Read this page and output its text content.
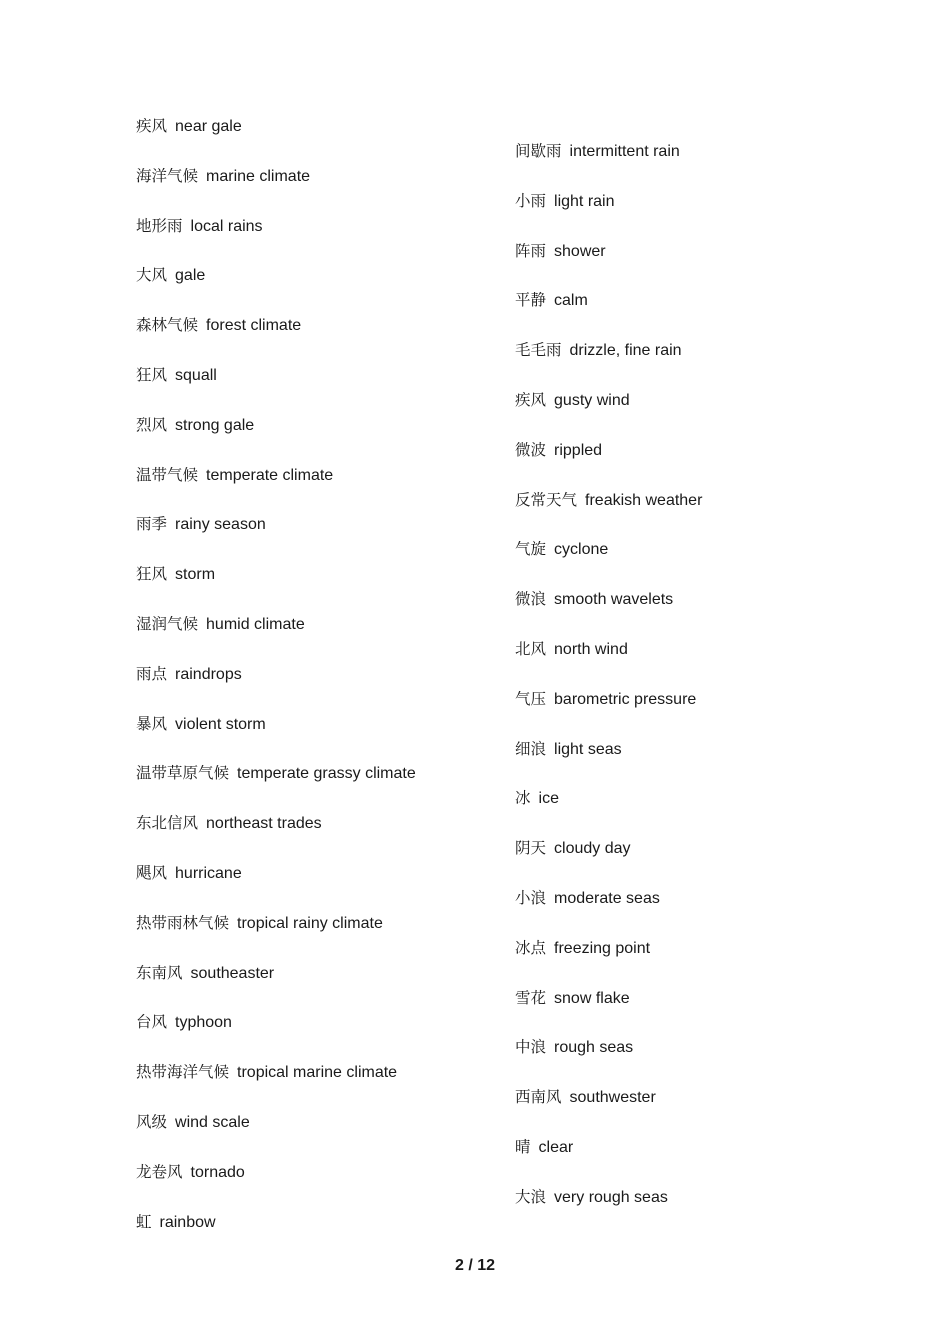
疾风 near gale
海洋气候 marine climate
地形雨 local rains
大风 gale
森林气候 forest climate
狂风 squall
烈风 strong gale
温带气候 temperate climate
雨季 rainy season
狂风 storm
湿润气候 humid climate
雨点 raindrops
暴风 violent storm
温带草原气候 temperate grassy climate
东北信风 northeast trades
飓风 hurricane
热带雨林气候 tropical rainy climate
东南风 southeaster
台风 typhoon
热带海洋气候 tropical marine climate
风级 wind scale
龙卷风 tornado
虹 rainbow
间歇雨 intermittent rain
小雨 light rain
阵雨 shower
平静 calm
毛毛雨 drizzle, fine rain
疾风 gusty wind
微波 rippled
反常天气 freakish weather
气旋 cyclone
微浪 smooth wavelets
北风 north wind
气压 barometric pressure
细浪 light seas
冰 ice
阴天 cloudy day
小浪 moderate seas
冰点 freezing point
雪花 snow flake
中浪 rough seas
西南风 southwester
晴 clear
大浪 very rough seas
2 / 12
